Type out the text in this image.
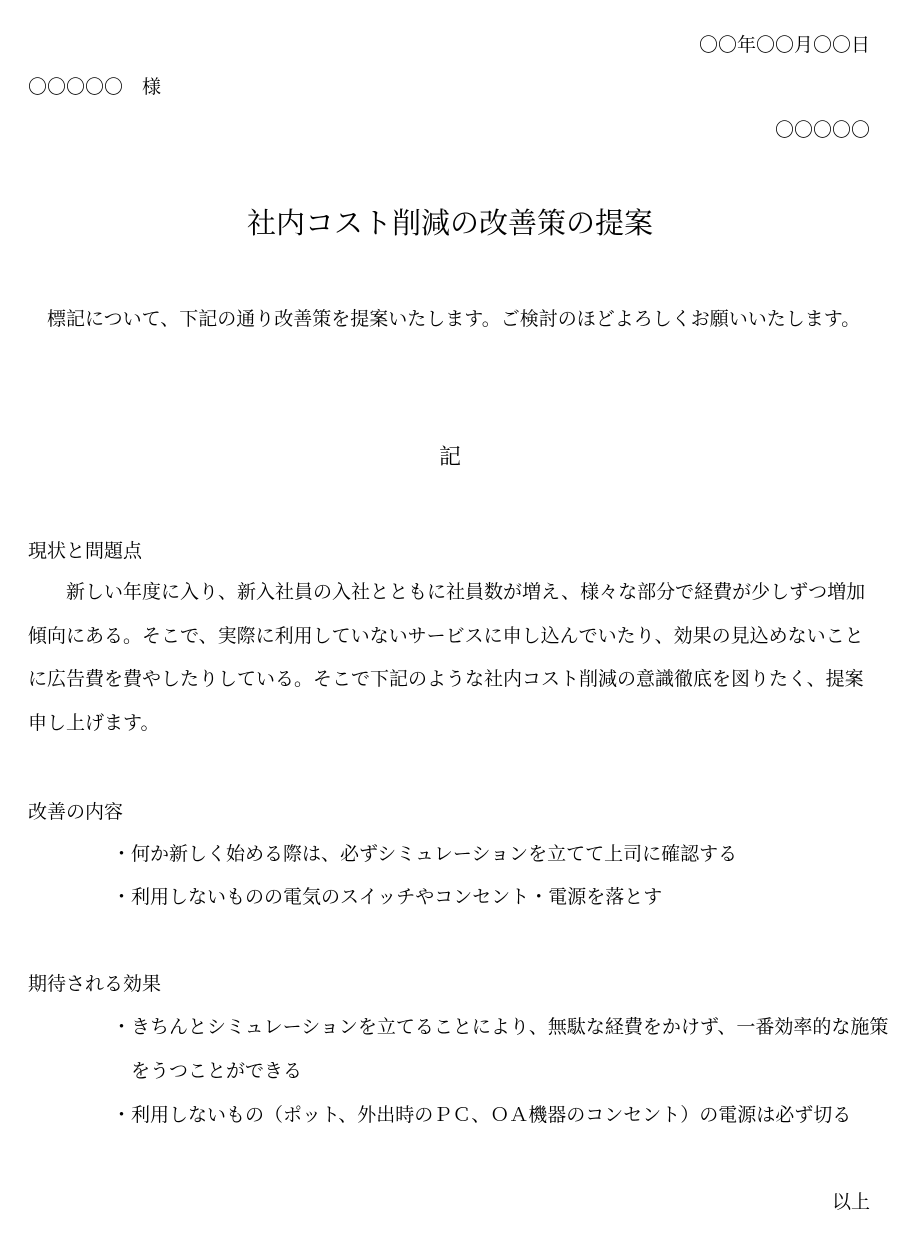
〇〇年〇〇月〇〇日
〇〇〇〇〇　様
〇〇〇〇〇
社内コスト削減の改善策の提案
　標記について、下記の通り改善策を提案いたします。ご検討のほどよろしくお願いいたします。
記
現状と問題点
　　新しい年度に入り、新入社員の入社とともに社員数が増え、様々な部分で経費が少しずつ増加傾向にある。そこで、実際に利用していないサービスに申し込んでいたり、効果の見込めないことに広告費を費やしたりしている。そこで下記のような社内コスト削減の意識徹底を図りたく、提案申し上げます。
改善の内容
・何か新しく始める際は、必ずシミュレーションを立てて上司に確認する
・利用しないものの電気のスイッチやコンセント・電源を落とす
期待される効果
・きちんとシミュレーションを立てることにより、無駄な経費をかけず、一番効率的な施策をうつことができる
・利用しないもの（ポット、外出時のＰＣ、ＯＡ機器のコンセント）の電源は必ず切る
以上
